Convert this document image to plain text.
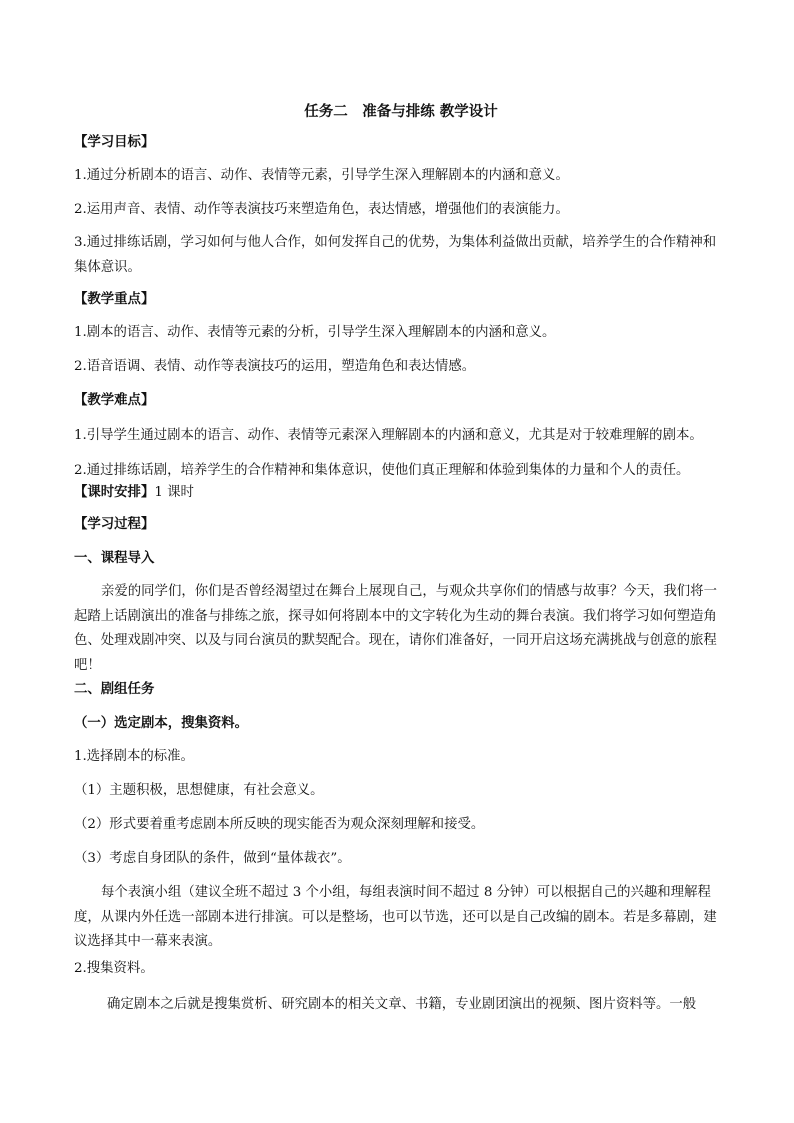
任务二　准备与排练 教学设计
【学习目标】
1.通过分析剧本的语言、动作、表情等元素，引导学生深入理解剧本的内涵和意义。
2.运用声音、表情、动作等表演技巧来塑造角色，表达情感，增强他们的表演能力。
3.通过排练话剧，学习如何与他人合作，如何发挥自己的优势，为集体利益做出贡献，培养学生的合作精神和集体意识。
【教学重点】
1.剧本的语言、动作、表情等元素的分析，引导学生深入理解剧本的内涵和意义。
2.语音语调、表情、动作等表演技巧的运用，塑造角色和表达情感。
【教学难点】
1.引导学生通过剧本的语言、动作、表情等元素深入理解剧本的内涵和意义，尤其是对于较难理解的剧本。
2.通过排练话剧，培养学生的合作精神和集体意识，使他们真正理解和体验到集体的力量和个人的责任。
【课时安排】1 课时
【学习过程】
一、课程导入
亲爱的同学们，你们是否曾经渴望过在舞台上展现自己，与观众共享你们的情感与故事？今天，我们将一起踏上话剧演出的准备与排练之旅，探寻如何将剧本中的文字转化为生动的舞台表演。我们将学习如何塑造角色、处理戏剧冲突、以及与同台演员的默契配合。现在，请你们准备好，一同开启这场充满挑战与创意的旅程吧！
二、剧组任务
（一）选定剧本，搜集资料。
1.选择剧本的标准。
（1）主题积极，思想健康，有社会意义。
（2）形式要着重考虑剧本所反映的现实能否为观众深刻理解和接受。
（3）考虑自身团队的条件，做到“量体裁衣”。
每个表演小组（建议全班不超过 3 个小组，每组表演时间不超过 8 分钟）可以根据自己的兴趣和理解程度，从课内外任选一部剧本进行排演。可以是整场，也可以节选，还可以是自己改编的剧本。若是多幕剧，建议选择其中一幕来表演。
2.搜集资料。
确定剧本之后就是搜集赏析、研究剧本的相关文章、书籍，专业剧团演出的视频、图片资料等。一般
